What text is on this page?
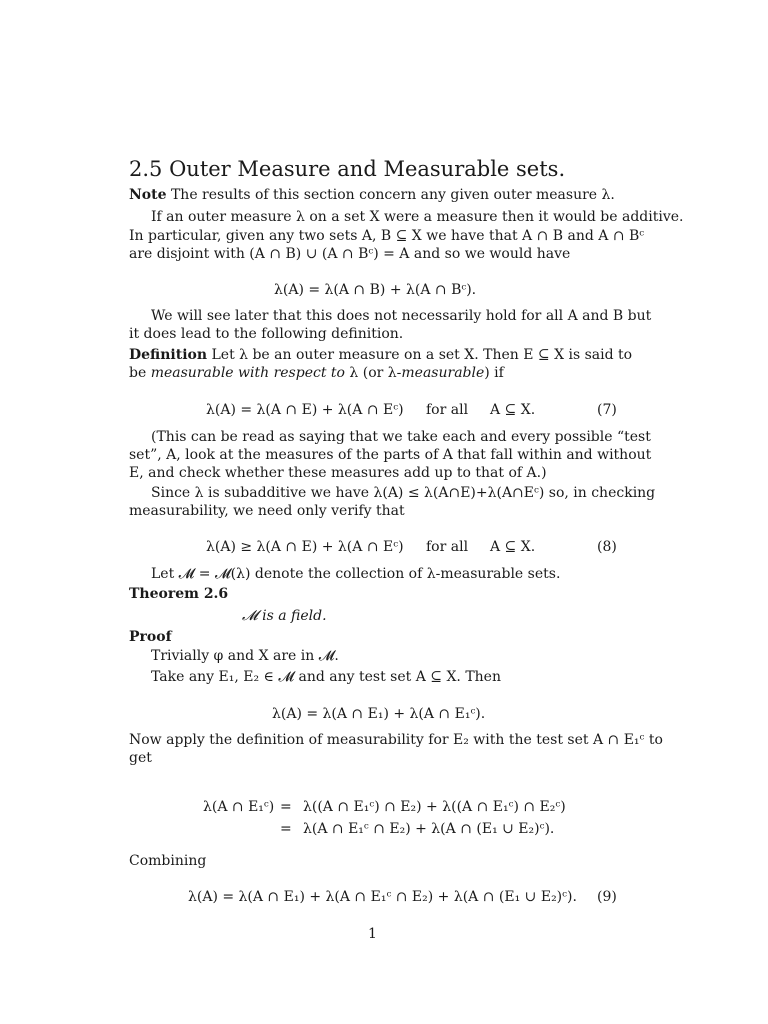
2.5 Outer Measure and Measurable sets.
Note The results of this section concern any given outer measure λ.
If an outer measure λ on a set X were a measure then it would be additive.
In particular, given any two sets A, B ⊆ X we have that A ∩ B and A ∩ Bᶜ
are disjoint with (A ∩ B) ∪ (A ∩ Bᶜ) = A and so we would have
λ(A) = λ(A ∩ B) + λ(A ∩ Bᶜ).
We will see later that this does not necessarily hold for all A and B but
it does lead to the following definition.
Definition Let λ be an outer measure on a set X. Then E ⊆ X is said to
be measurable with respect to λ (or λ-measurable) if
λ(A) = λ(A ∩ E) + λ(A ∩ Eᶜ) for all A ⊆ X.	(7)
(This can be read as saying that we take each and every possible “test
set”, A, look at the measures of the parts of A that fall within and without
E, and check whether these measures add up to that of A.)
Since λ is subadditive we have λ(A) ≤ λ(A∩E)+λ(A∩Eᶜ) so, in checking
measurability, we need only verify that
λ(A) ≥ λ(A ∩ E) + λ(A ∩ Eᶜ) for all A ⊆ X.	(8)
Let 𝓜 = 𝓜(λ) denote the collection of λ-measurable sets.
Theorem 2.6
𝓜 is a field.
Proof
Trivially φ and X are in 𝓜.
Take any E₁, E₂ ∈ 𝓜 and any test set A ⊆ X. Then
λ(A) = λ(A ∩ E₁) + λ(A ∩ E₁ᶜ).
Now apply the definition of measurability for E₂ with the test set A ∩ E₁ᶜ to
get
λ(A ∩ E₁ᶜ) = λ((A ∩ E₁ᶜ) ∩ E₂) + λ((A ∩ E₁ᶜ) ∩ E₂ᶜ)
= λ(A ∩ E₁ᶜ ∩ E₂) + λ(A ∩ (E₁ ∪ E₂)ᶜ).
Combining
λ(A) = λ(A ∩ E₁) + λ(A ∩ E₁ᶜ ∩ E₂) + λ(A ∩ (E₁ ∪ E₂)ᶜ). (9)
1
